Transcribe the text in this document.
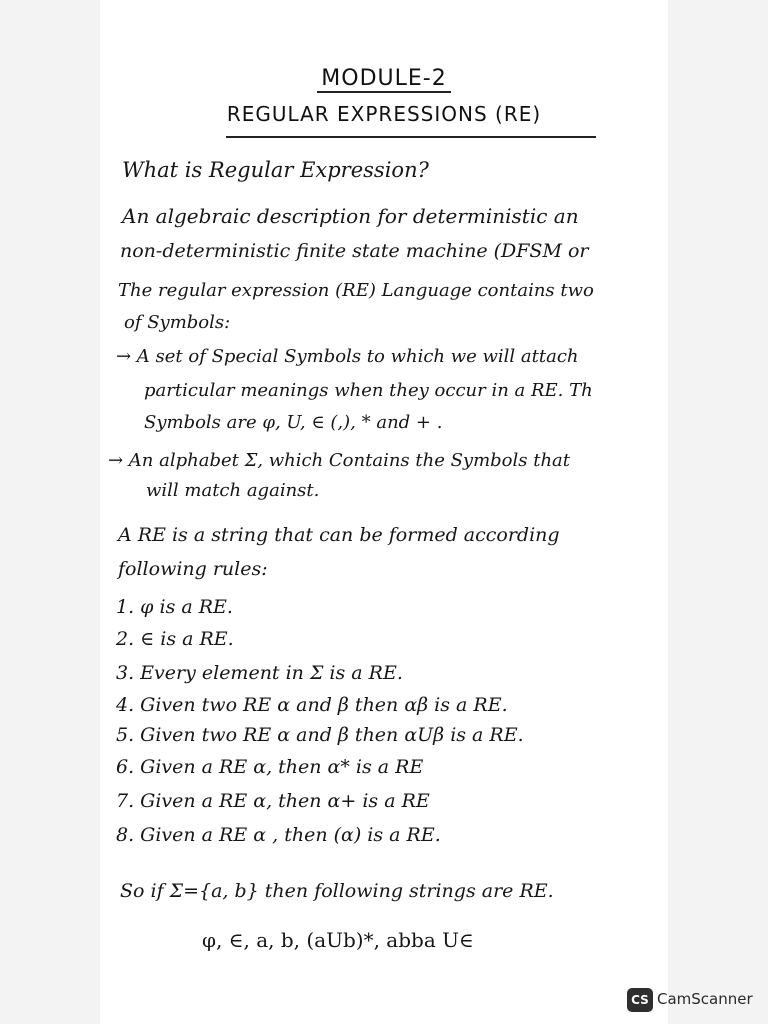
MODULE-2
REGULAR EXPRESSIONS (RE)
What is Regular Expression?
An algebraic description for deterministic an
non-deterministic finite state machine (DFSM or
The regular expression (RE) Language contains two
of Symbols:
→ A set of Special Symbols to which we will attach
particular meanings when they occur in a RE. Th
Symbols are φ, U, ∈ (,), * and + .
→ An alphabet Σ, which Contains the Symbols that
will match against.
A RE is a string that can be formed according
following rules:
1. φ is a RE.
2. ∈ is a RE.
3. Every element in Σ is a RE.
4. Given two RE α and β then αβ is a RE.
5. Given two RE α and β then αUβ is a RE.
6. Given a RE α, then α* is a RE
7. Given a RE α, then α+ is a RE
8. Given a RE α , then (α) is a RE.
So if Σ={a, b} then following strings are RE.
φ, ∈, a, b, (aUb)*, abba U∈
CS CamScanner
